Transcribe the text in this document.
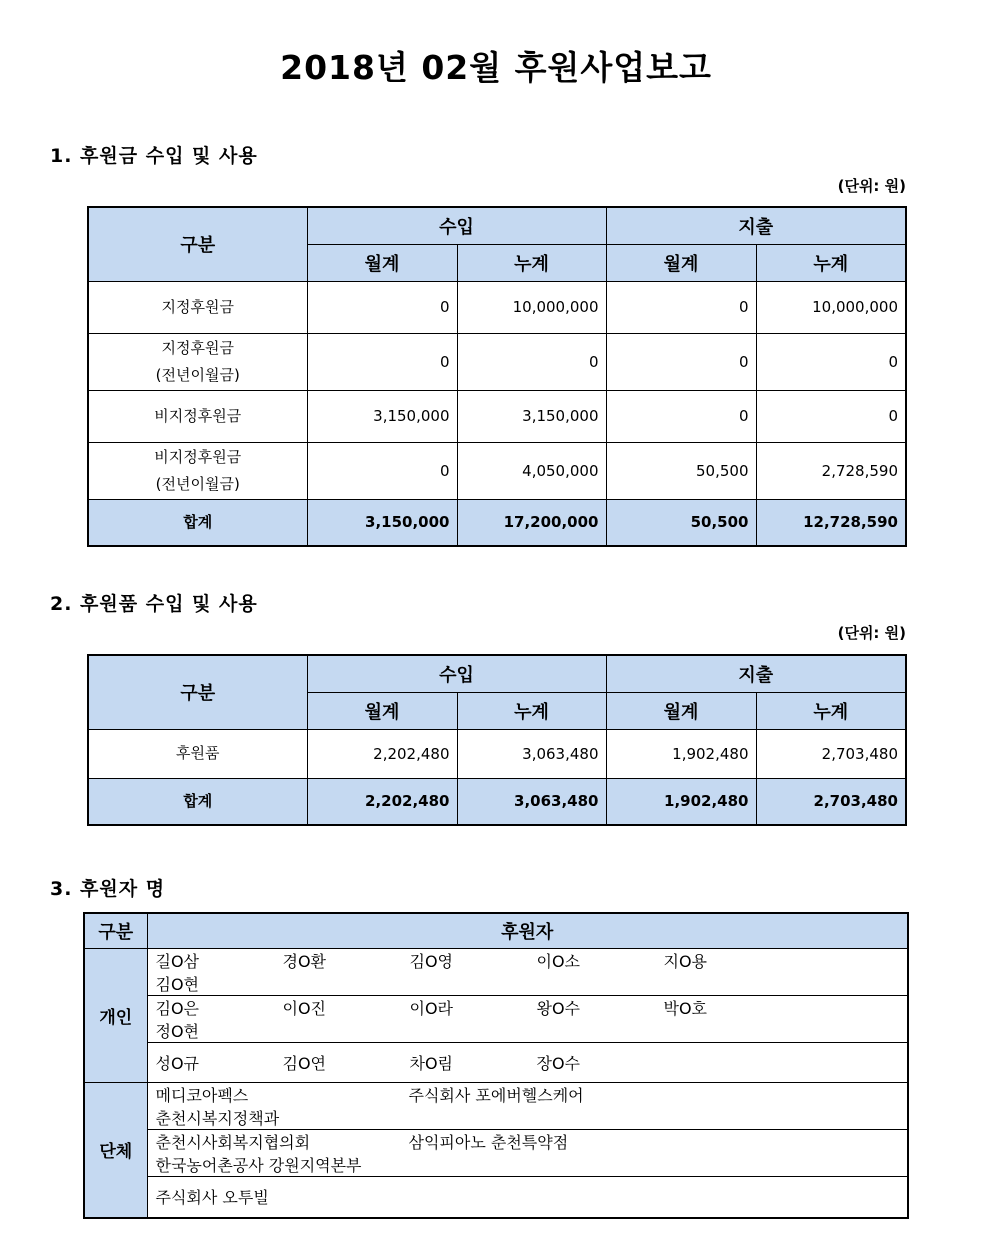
2018년 02월 후원사업보고
1. 후원금 수입 및 사용
(단위: 원)
구분	수입		지출	
	월계	누계	월계	누계

지정후원금	0	10,000,000	0	10,000,000

지정후원금
(전년이월금)	0	0	0	0

비지정후원금	3,150,000	3,150,000	0	0

비지정후원금
(전년이월금)	0	4,050,000	50,500	2,728,590
합계	3,150,000	17,200,000	50,500	12,728,590
2. 후원품 수입 및 사용
(단위: 원)
구분	수입		지출	
	월계	누계	월계	누계

후원품	2,202,480	3,063,480	1,902,480	2,703,480
합계	2,202,480	3,063,480	1,902,480	2,703,480
3. 후원자 명
구분	후원자
개인	길O삼 경O환 김O영 이O소 지O용김O현
	김O은 이O진 이O라 왕O수 박O호정O현
	성O규 김O연 차O림 장O수
단체	메디코아펙스 주식회사 포에버헬스케어춘천시복지정책과
	춘천시사회복지협의회 삼익피아노 춘천특약점한국농어촌공사 강원지역본부
	주식회사 오투빌
